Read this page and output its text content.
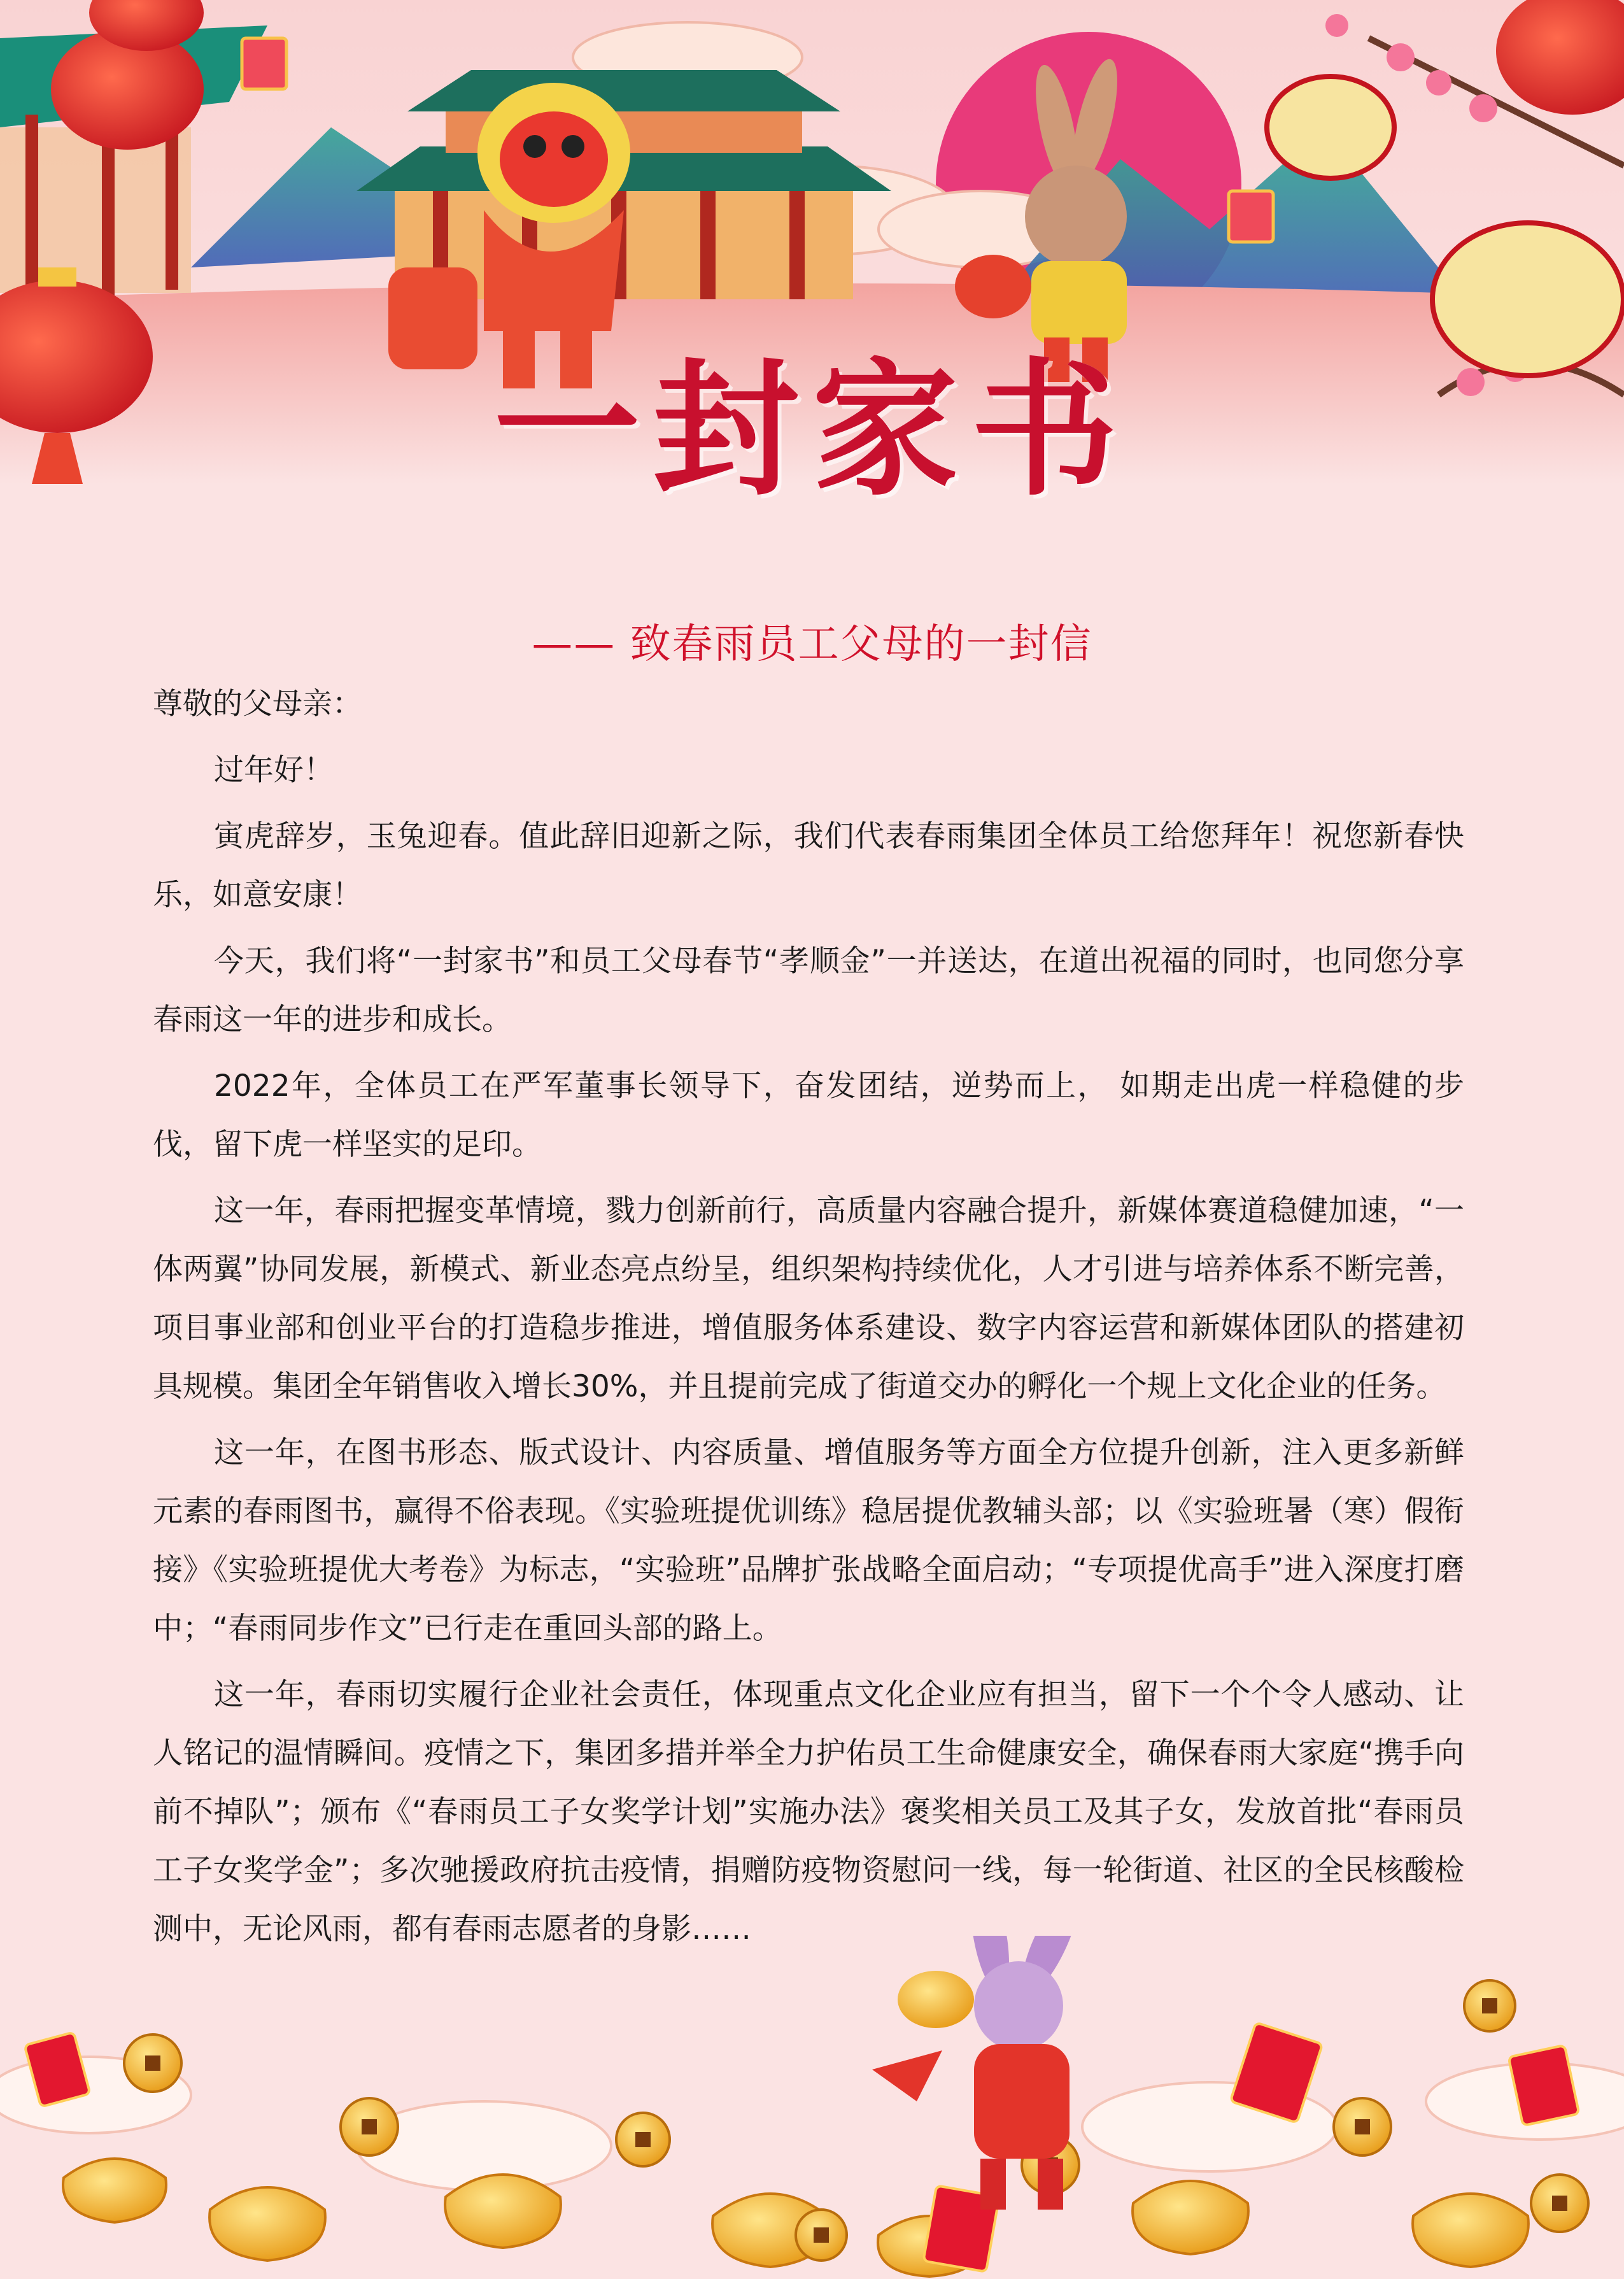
一封家书
—— 致春雨员工父母的一封信

尊敬的父母亲：

过年好！

寅虎辞岁，玉兔迎春。值此辞旧迎新之际，我们代表春雨集团全体员工给您拜年！祝您新春快乐，如意安康！

今天，我们将“一封家书”和员工父母春节“孝顺金”一并送达，在道出祝福的同时，也同您分享春雨这一年的进步和成长。

2022年，全体员工在严军董事长领导下，奋发团结，逆势而上， 如期走出虎一样稳健的步伐，留下虎一样坚实的足印。

这一年，春雨把握变革情境，戮力创新前行，高质量内容融合提升，新媒体赛道稳健加速，“一体两翼”协同发展，新模式、新业态亮点纷呈，组织架构持续优化，人才引进与培养体系不断完善，项目事业部和创业平台的打造稳步推进，增值服务体系建设、数字内容运营和新媒体团队的搭建初具规模。集团全年销售收入增长30%，并且提前完成了街道交办的孵化一个规上文化企业的任务。

这一年，在图书形态、版式设计、内容质量、增值服务等方面全方位提升创新，注入更多新鲜元素的春雨图书，赢得不俗表现。《实验班提优训练》稳居提优教辅头部；以《实验班暑（寒）假衔接》《实验班提优大考卷》为标志，“实验班”品牌扩张战略全面启动；“专项提优高手”进入深度打磨中；“春雨同步作文”已行走在重回头部的路上。

这一年，春雨切实履行企业社会责任，体现重点文化企业应有担当，留下一个个令人感动、让人铭记的温情瞬间。疫情之下，集团多措并举全力护佑员工生命健康安全，确保春雨大家庭“携手向前不掉队”；颁布《“春雨员工子女奖学计划”实施办法》褒奖相关员工及其子女，发放首批“春雨员工子女奖学金”；多次驰援政府抗击疫情，捐赠防疫物资慰问一线，每一轮街道、社区的全民核酸检测中，无论风雨，都有春雨志愿者的身影……
